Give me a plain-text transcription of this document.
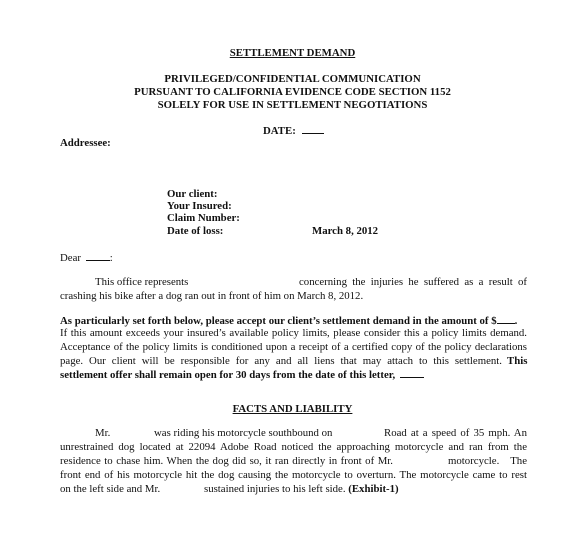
SETTLEMENT DEMAND
PRIVILEGED/CONFIDENTIAL COMMUNICATION
PURSUANT TO CALIFORNIA EVIDENCE CODE SECTION 1152
SOLELY FOR USE IN SETTLEMENT NEGOTIATIONS
DATE:
Addressee:
Our client:
Your Insured:
Claim Number:
Date of loss:	March 8, 2012
Dear	:
This office represents	concerning the injuries he suffered as a result of
crashing his bike after a dog ran out in front of him on March 8, 2012.
As particularly set forth below, please accept our client’s settlement demand in the amount of $ .
If this amount exceeds your insured’s available policy limits, please consider this a policy limits demand.
Acceptance of the policy limits is conditioned upon a receipt of a certified copy of the policy declarations
page. Our client will be responsible for any and all liens that may attach to this settlement. This
settlement offer shall remain open for 30 days from the date of this letter,
FACTS AND LIABILITY
Mr.	was riding his motorcycle southbound on	Road at a speed of 35 mph. An
unrestrained dog located at 22094 Adobe Road noticed the approaching motorcycle and ran from the
residence to chase him. When the dog did so, it ran directly in front of Mr.	motorcycle. The
front end of his motorcycle hit the dog causing the motorcycle to overturn. The motorcycle came to rest
on the left side and Mr.	sustained injuries to his left side. (Exhibit-1)
